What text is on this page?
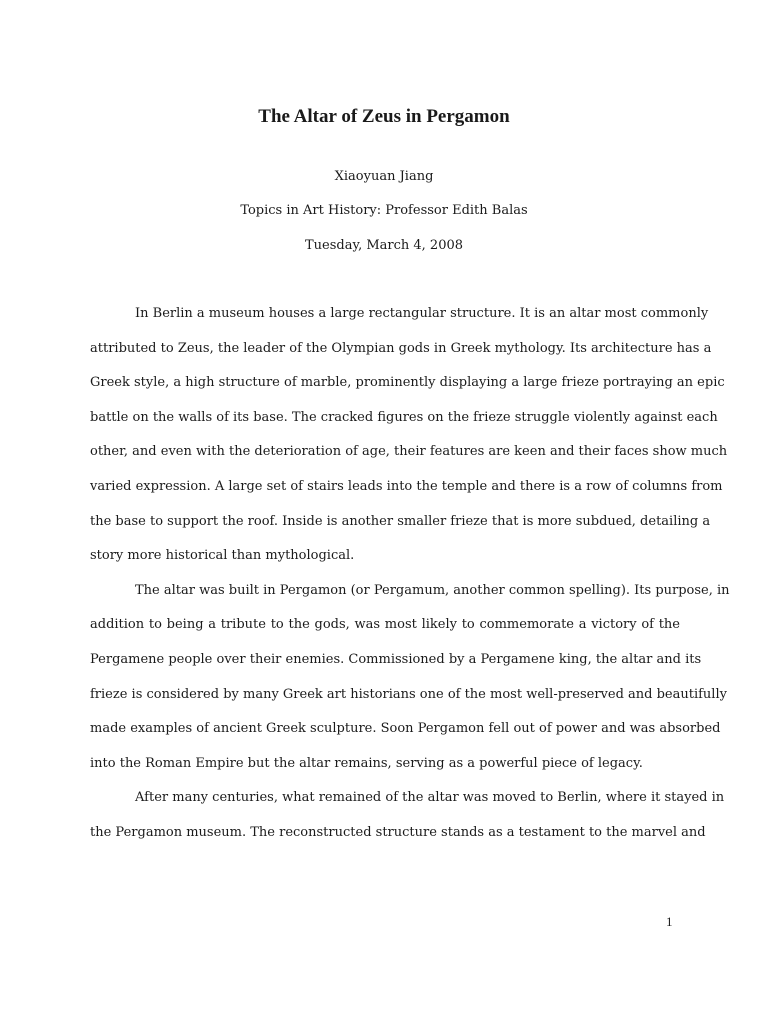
The Altar of Zeus in Pergamon

Xiaoyuan Jiang

Topics in Art History: Professor Edith Balas

Tuesday, March 4, 2008

In Berlin a museum houses a large rectangular structure. It is an altar most commonly
attributed to Zeus, the leader of the Olympian gods in Greek mythology. Its architecture has a
Greek style, a high structure of marble, prominently displaying a large frieze portraying an epic
battle on the walls of its base. The cracked figures on the frieze struggle violently against each
other, and even with the deterioration of age, their features are keen and their faces show much
varied expression. A large set of stairs leads into the temple and there is a row of columns from
the base to support the roof. Inside is another smaller frieze that is more subdued, detailing a
story more historical than mythological.
The altar was built in Pergamon (or Pergamum, another common spelling). Its purpose, in
addition to being a tribute to the gods, was most likely to commemorate a victory of the
Pergamene people over their enemies. Commissioned by a Pergamene king, the altar and its
frieze is considered by many Greek art historians one of the most well-preserved and beautifully
made examples of ancient Greek sculpture. Soon Pergamon fell out of power and was absorbed
into the Roman Empire but the altar remains, serving as a powerful piece of legacy.
After many centuries, what remained of the altar was moved to Berlin, where it stayed in
the Pergamon museum. The reconstructed structure stands as a testament to the marvel and
1
